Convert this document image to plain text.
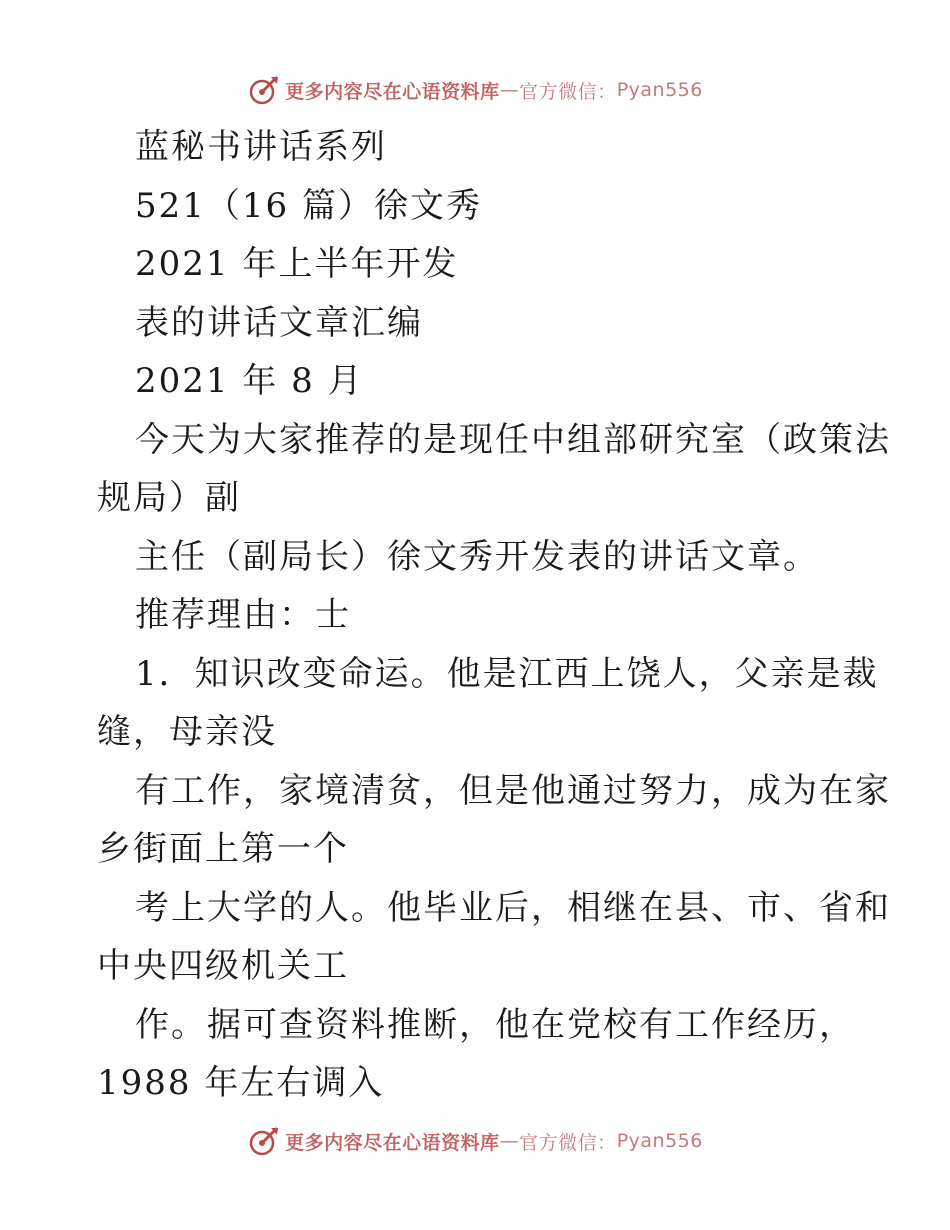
更多内容尽在心语资料库 — 官方微信： Pyan556
蓝秘书讲话系列
521（16 篇）徐文秀
2021 年上半年开发
表的讲话文章汇编
2021 年 8 月
今天为大家推荐的是现任中组部研究室（政策法
规局）副
主任（副局长）徐文秀开发表的讲话文章。
推荐理由：士
1．知识改变命运。他是江西上饶人，父亲是裁
缝，母亲没
有工作，家境清贫，但是他通过努力，成为在家
乡街面上第一个
考上大学的人。他毕业后，相继在县、市、省和
中央四级机关工
作。据可查资料推断，他在党校有工作经历，
1988 年左右调入
更多内容尽在心语资料库 — 官方微信： Pyan556
